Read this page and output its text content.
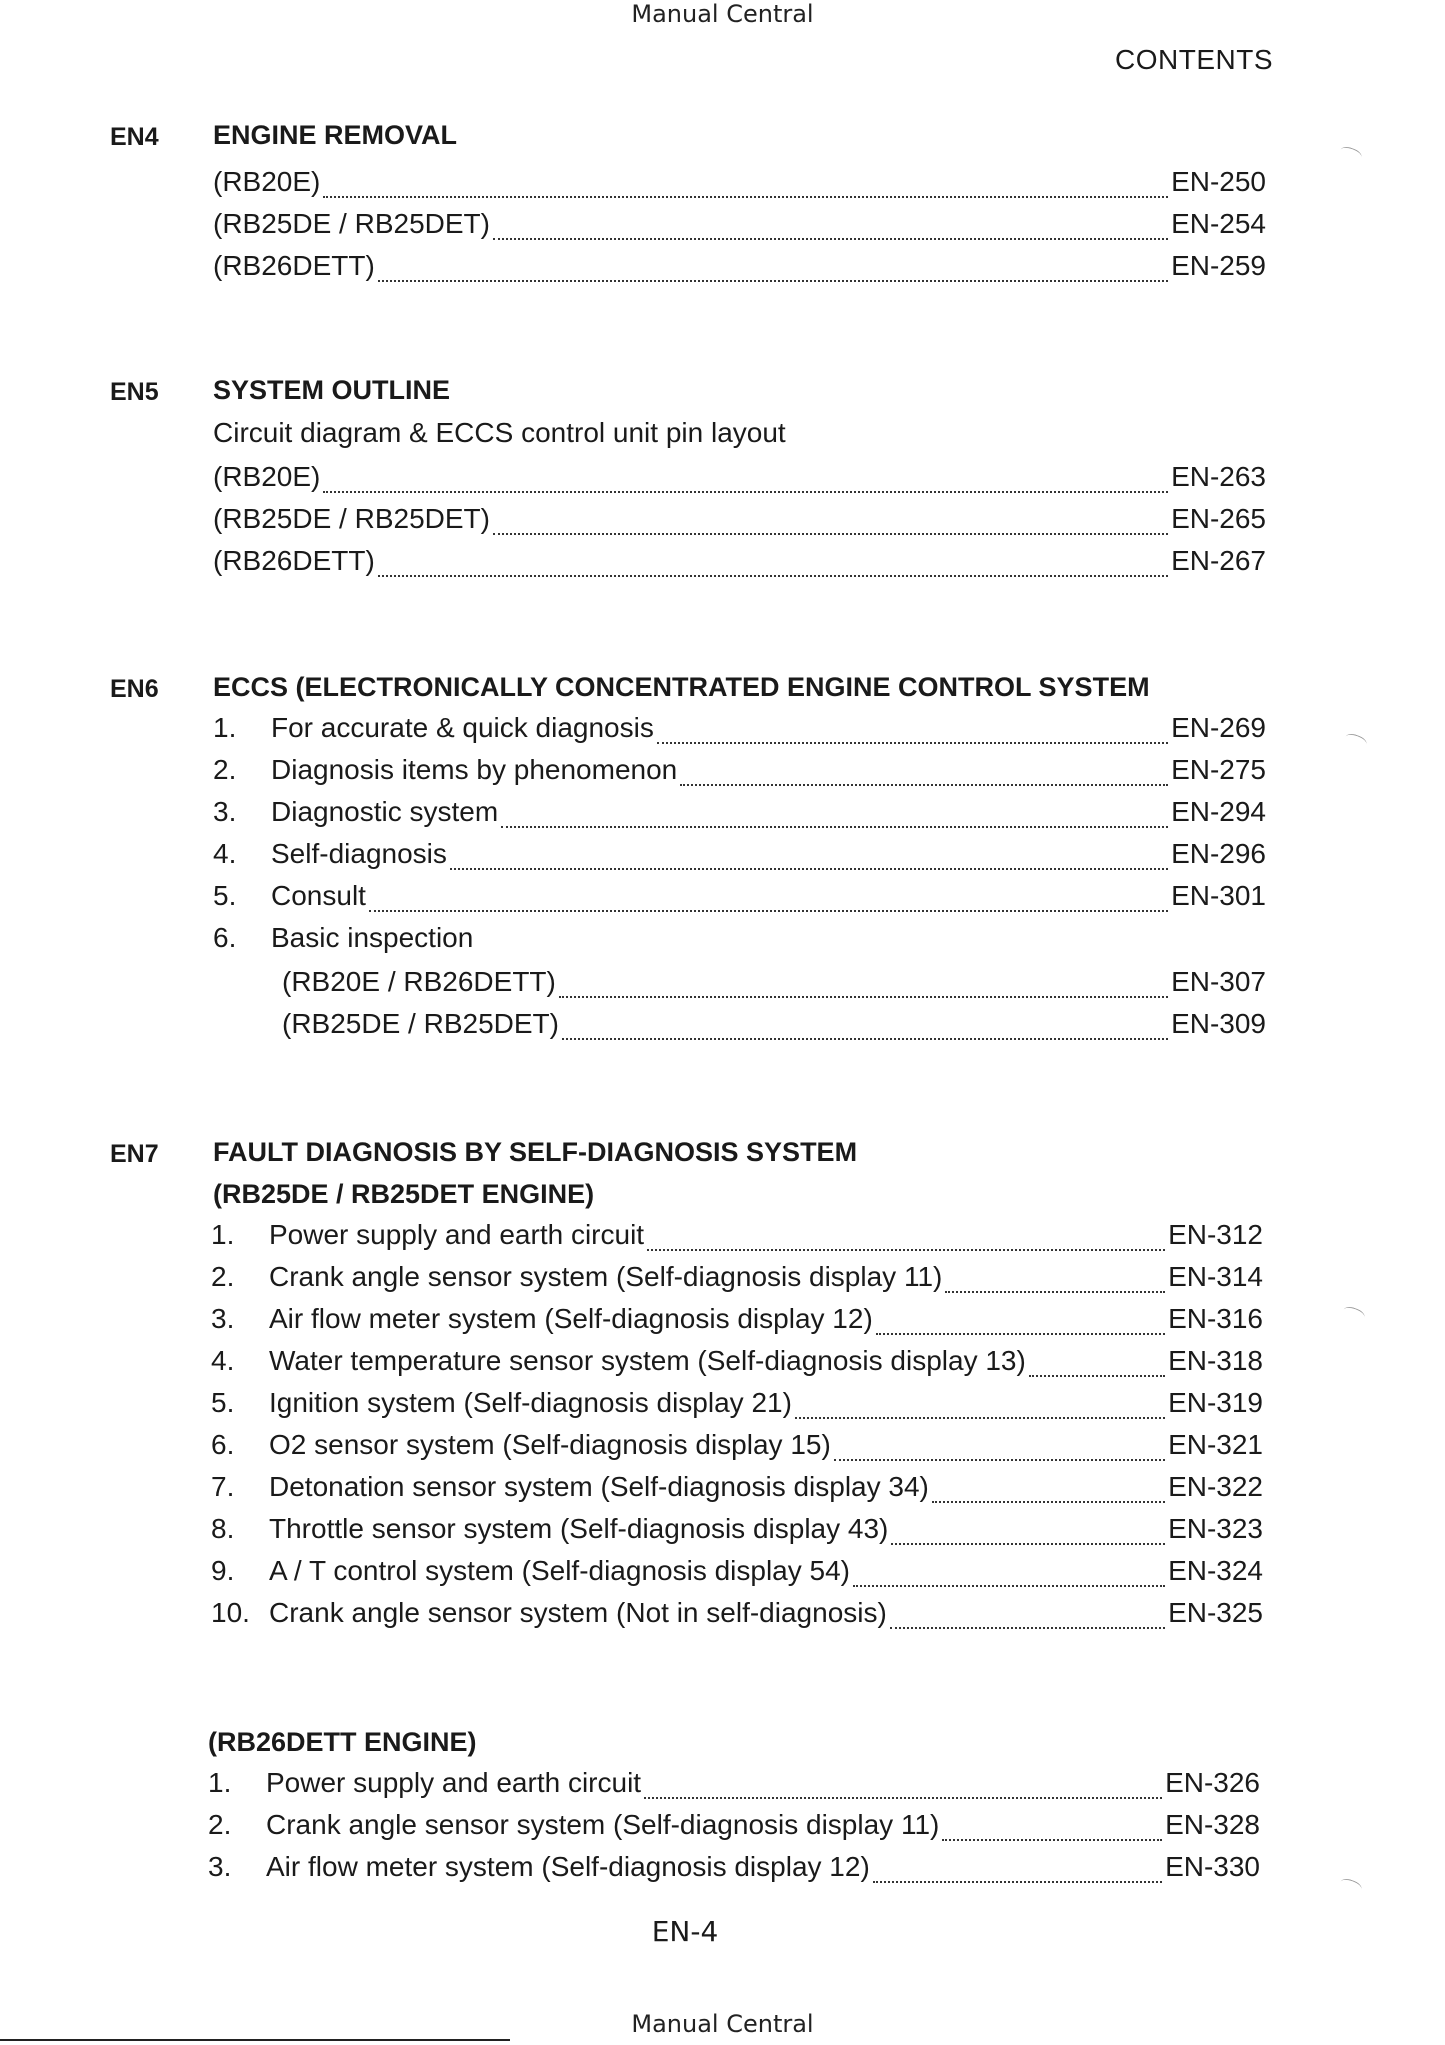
Manual Central
CONTENTS
EN4 ENGINE REMOVAL
(RB20E)	EN-250
(RB25DE / RB25DET)	EN-254
(RB26DETT)	EN-259
EN5 SYSTEM OUTLINE
Circuit diagram & ECCS control unit pin layout
(RB20E)	EN-263
(RB25DE / RB25DET)	EN-265
(RB26DETT)	EN-267
EN6 ECCS (ELECTRONICALLY CONCENTRATED ENGINE CONTROL SYSTEM
1.	For accurate & quick diagnosis	EN-269
2.	Diagnosis items by phenomenon	EN-275
3.	Diagnostic system	EN-294
4.	Self-diagnosis	EN-296
5.	Consult	EN-301
6.	Basic inspection
(RB20E / RB26DETT)	EN-307
(RB25DE / RB25DET)	EN-309
EN7 FAULT DIAGNOSIS BY SELF-DIAGNOSIS SYSTEM
(RB25DE / RB25DET ENGINE)
1.	Power supply and earth circuit	EN-312
2.	Crank angle sensor system (Self-diagnosis display 11)	EN-314
3.	Air flow meter system (Self-diagnosis display 12)	EN-316
4.	Water temperature sensor system (Self-diagnosis display 13)	EN-318
5.	Ignition system (Self-diagnosis display 21)	EN-319
6.	O2 sensor system (Self-diagnosis display 15)	EN-321
7.	Detonation sensor system (Self-diagnosis display 34)	EN-322
8.	Throttle sensor system (Self-diagnosis display 43)	EN-323
9.	A / T control system (Self-diagnosis display 54)	EN-324
10. Crank angle sensor system (Not in self-diagnosis)	EN-325
(RB26DETT ENGINE)
1.	Power supply and earth circuit	EN-326
2.	Crank angle sensor system (Self-diagnosis display 11)	EN-328
3.	Air flow meter system (Self-diagnosis display 12)	EN-330
EN-4
Manual Central
